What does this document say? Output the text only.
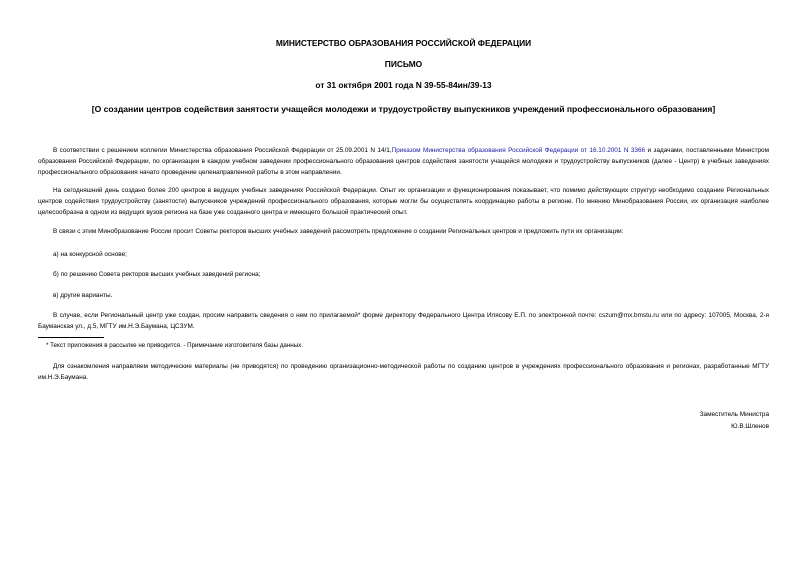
МИНИСТЕРСТВО ОБРАЗОВАНИЯ РОССИЙСКОЙ ФЕДЕРАЦИИ
ПИСЬМО
от 31 октября 2001 года N 39-55-84ин/39-13
[О создании центров содействия занятости учащейся молодежи и трудоустройству выпускников учреждений профессионального образования]
В соответствии с решением коллегии Министерства образования Российской Федерации от 25.09.2001 N 14/1,Приказом Министерства образования Российской Федерации от 16.10.2001 N 3366 и задачами, поставленными Министром образования Российской Федерации, по организации в каждом учебном заведении профессионального образования центров содействия занятости учащейся молодежи и трудоустройству выпускников (далее - Центр) в учебных заведениях профессионального образования начато проведение целенаправленной работы в этом направлении.
На сегодняшний день создано более 200 центров в ведущих учебных заведениях Российской Федерации. Опыт их организации и функционирования показывает, что помимо действующих структур необходимо создание Региональных центров содействия трудоустройству (занятости) выпускников учреждений профессионального образования, которые могли бы осуществлять координацию работы в регионе. По мнению Минобразования России, их организация наиболее целесообразна в одном из ведущих вузов региона на базе уже созданного центра и имеющего большой практический опыт.
В связи с этим Минобразование России просит Советы ректоров высших учебных заведений рассмотреть предложение о создании Региональных центров и предложить пути их организации:
а) на конкурсной основе;
б) по решению Совета ректоров высших учебных заведений региона;
в) другие варианты.
В случае, если Региональный центр уже создан, просим направить сведения о нем по прилагаемой* форме директору Федерального Центра Илясову Е.П. по электронной почте: cszum@mx.bmstu.ru или по адресу: 107005, Москва, 2-я Бауманская ул., д.5, МГТУ им.Н.Э.Баумана, ЦСЗУМ.
* Текст приложения в рассылке не приводится. - Примечание изготовителя базы данных.
Для ознакомления направляем методические материалы (не приводятся) по проведению организационно-методической работы по созданию центров в учреждениях профессионального образования и регионах, разработанные МГТУ им.Н.Э.Баумана.
Заместитель Министра
Ю.В.Шленов
